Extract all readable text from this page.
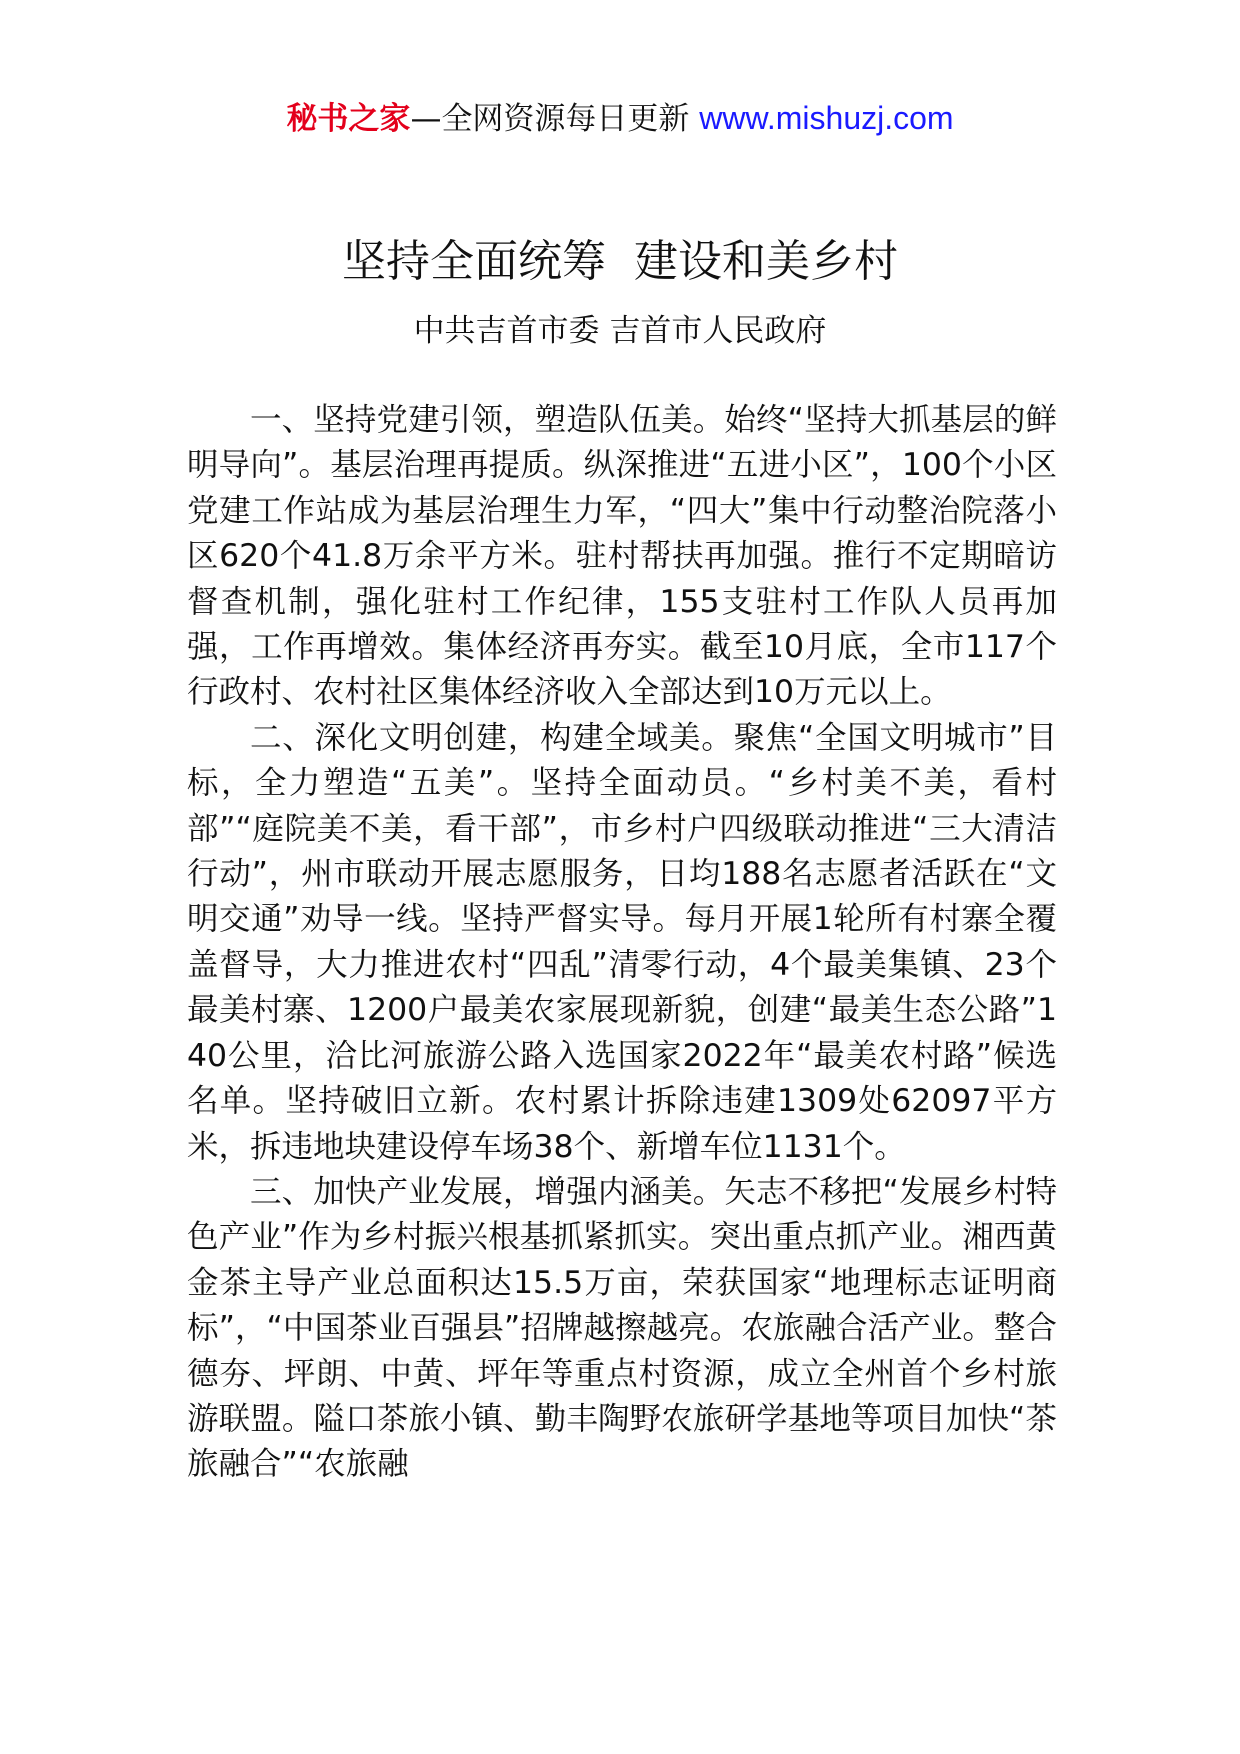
秘书之家—全网资源每日更新 www.mishuzj.com
坚持全面统筹  建设和美乡村
中共吉首市委 吉首市人民政府

一、坚持党建引领，塑造队伍美。始终“坚持大抓基层的鲜明导向”。基层治理再提质。纵深推进“五进小区”，100个小区党建工作站成为基层治理生力军，“四大”集中行动整治院落小区620个41.8万余平方米。驻村帮扶再加强。推行不定期暗访督查机制，强化驻村工作纪律，155支驻村工作队人员再加强，工作再增效。集体经济再夯实。截至10月底，全市117个行政村、农村社区集体经济收入全部达到10万元以上。

二、深化文明创建，构建全域美。聚焦“全国文明城市”目标，全力塑造“五美”。坚持全面动员。“乡村美不美，看村部”“庭院美不美，看干部”，市乡村户四级联动推进“三大清洁行动”，州市联动开展志愿服务，日均188名志愿者活跃在“文明交通”劝导一线。坚持严督实导。每月开展1轮所有村寨全覆盖督导，大力推进农村“四乱”清零行动，4个最美集镇、23个最美村寨、1200户最美农家展现新貌，创建“最美生态公路”140公里，洽比河旅游公路入选国家2022年“最美农村路”候选名单。坚持破旧立新。农村累计拆除违建1309处62097平方米，拆违地块建设停车场38个、新增车位1131个。

三、加快产业发展，增强内涵美。矢志不移把“发展乡村特色产业”作为乡村振兴根基抓紧抓实。突出重点抓产业。湘西黄金茶主导产业总面积达15.5万亩，荣获国家“地理标志证明商标”，“中国茶业百强县”招牌越擦越亮。农旅融合活产业。整合德夯、坪朗、中黄、坪年等重点村资源，成立全州首个乡村旅游联盟。隘口茶旅小镇、勤丰陶野农旅研学基地等项目加快“茶旅融合”“农旅融
